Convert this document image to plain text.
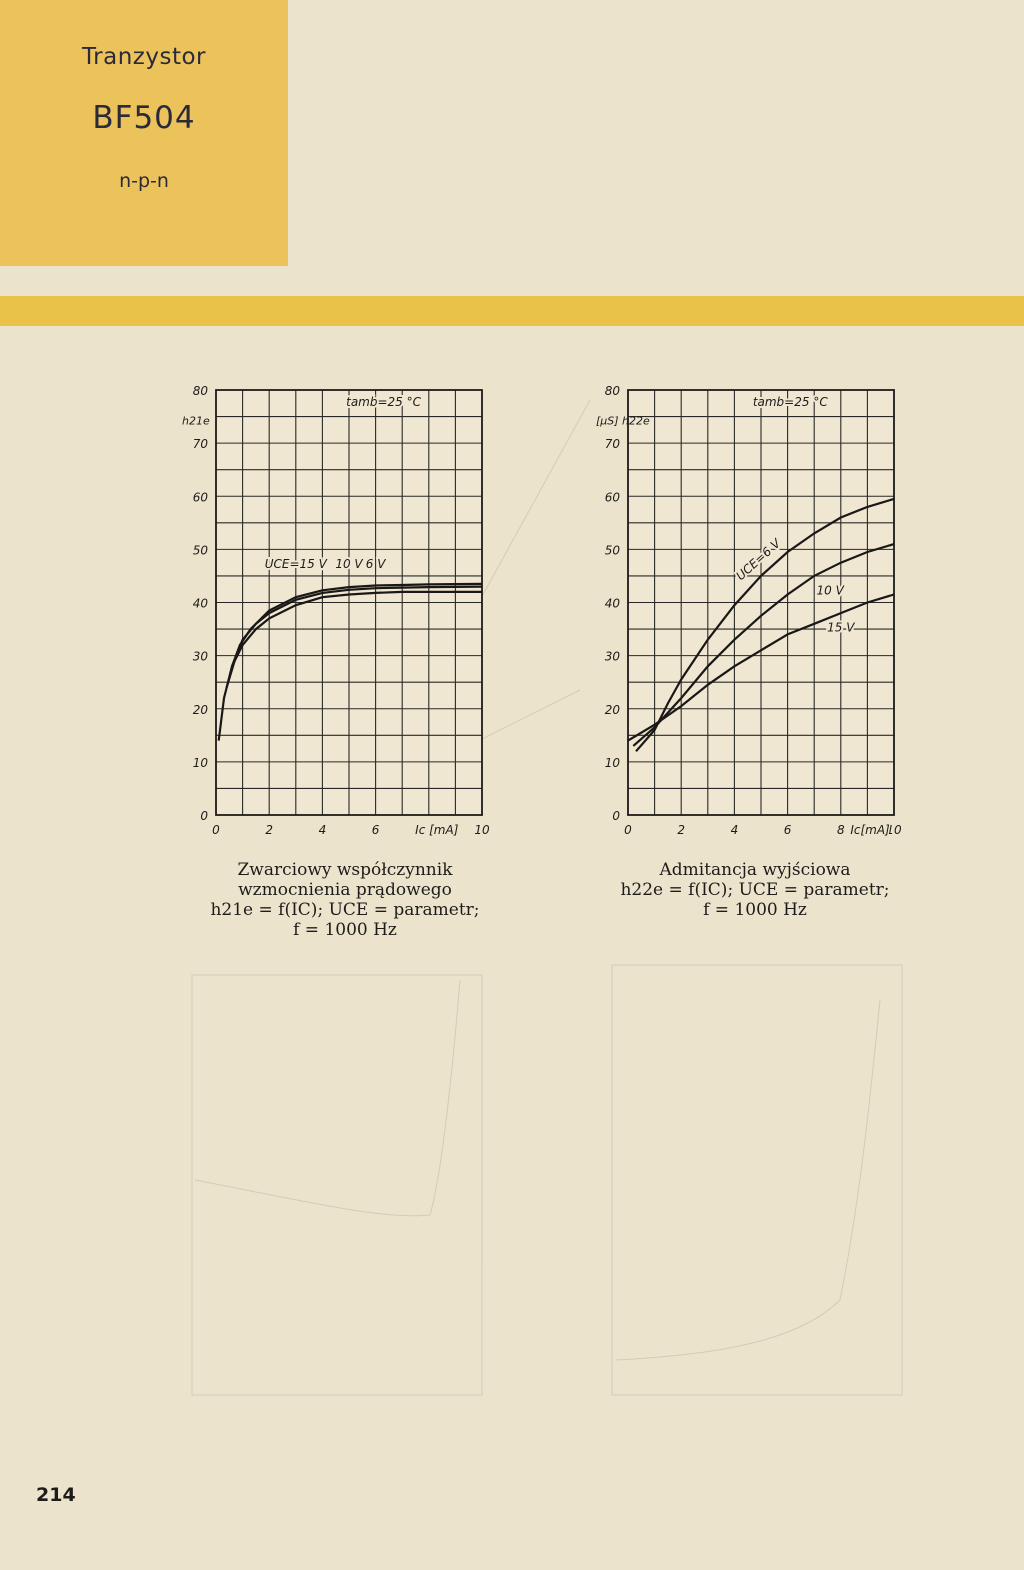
Tranzystor
BF504
n-p-n
0
10
20
30
40
50
60
70
80
0	2	4	6	10
Ic [mA]
h21e
tamb=25 °C
UCE=15 V 10 V 6 V
0
10
20
30
40
50
60
70
80
0	2	4	6	8	10
Ic[mA]
[µS] h22e
tamb=25 °C
UCE=6 V
10 V
15 V
Zwarciowy współczynnik
wzmocnienia prądowego
h21e = f(IC); UCE = parametr;
f = 1000 Hz
Admitancja wyjściowa
h22e = f(IC); UCE = parametr;
f = 1000 Hz
214
